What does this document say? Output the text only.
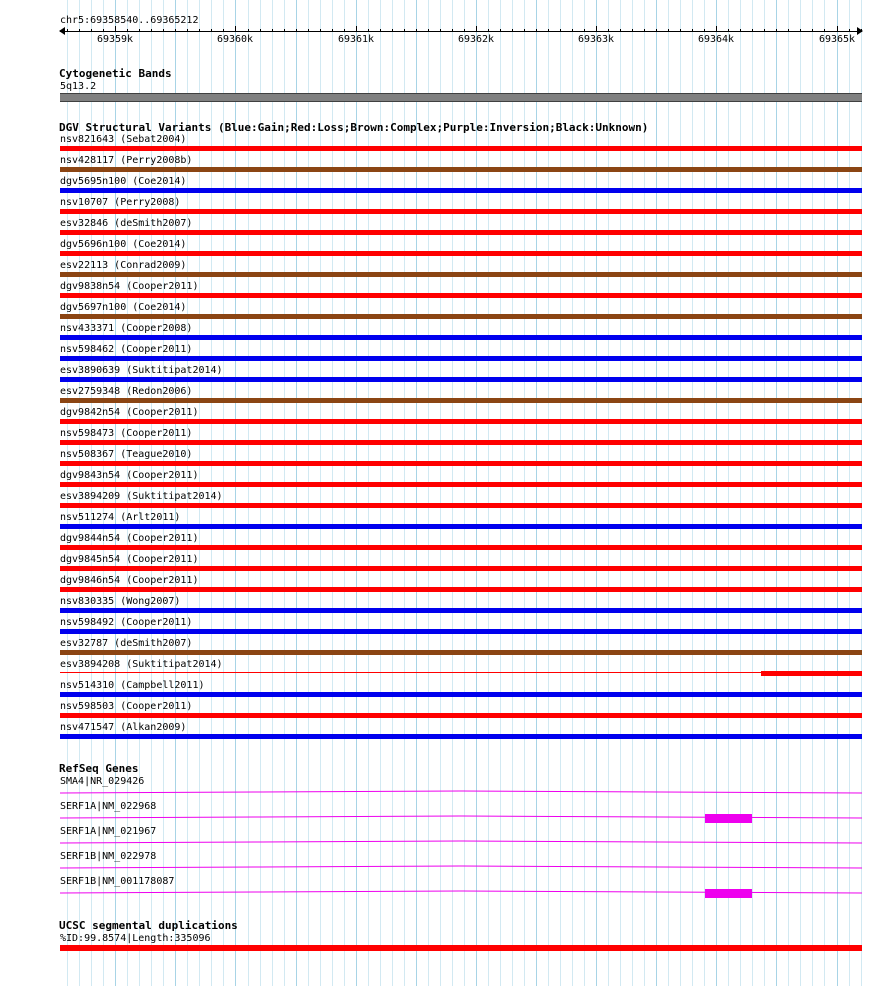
chr5:69358540..69365212
69359k	69360k	69361k	69362k	69363k	69364k	69365k
Cytogenetic Bands
5q13.2
DGV Structural Variants (Blue:Gain;Red:Loss;Brown:Complex;Purple:Inversion;Black:Unknown)
nsv821643 (Sebat2004)
nsv428117 (Perry2008b)
dgv5695n100 (Coe2014)
nsv10707 (Perry2008)
esv32846 (deSmith2007)
dgv5696n100 (Coe2014)
esv22113 (Conrad2009)
dgv9838n54 (Cooper2011)
dgv5697n100 (Coe2014)
nsv433371 (Cooper2008)
nsv598462 (Cooper2011)
esv3890639 (Suktitipat2014)
esv2759348 (Redon2006)
dgv9842n54 (Cooper2011)
nsv598473 (Cooper2011)
nsv508367 (Teague2010)
dgv9843n54 (Cooper2011)
esv3894209 (Suktitipat2014)
nsv511274 (Arlt2011)
dgv9844n54 (Cooper2011)
dgv9845n54 (Cooper2011)
dgv9846n54 (Cooper2011)
nsv830335 (Wong2007)
nsv598492 (Cooper2011)
esv32787 (deSmith2007)
esv3894208 (Suktitipat2014)
nsv514310 (Campbell2011)
nsv598503 (Cooper2011)
nsv471547 (Alkan2009)
RefSeq Genes
SMA4|NR_029426
SERF1A|NM_022968
SERF1A|NM_021967
SERF1B|NM_022978
SERF1B|NM_001178087
UCSC segmental duplications
%ID:99.8574|Length:335096
